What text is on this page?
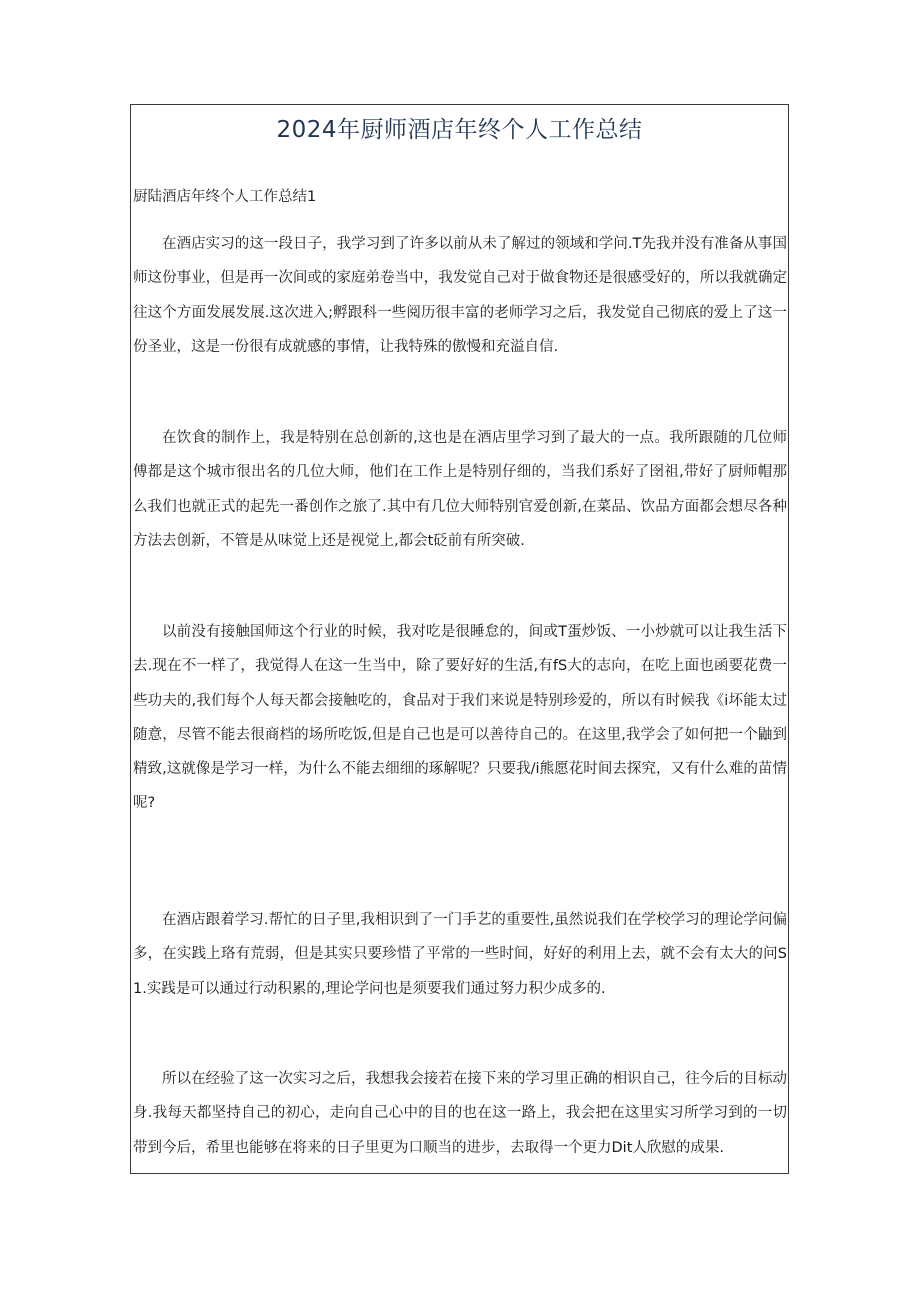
2024年厨师酒店年终个人工作总结
厨陆酒店年终个人工作总结1

在酒店实习的这一段日子，我学习到了许多以前从未了解过的领域和学问.T先我并没有准备从事国师这份事业，但是再一次间或的家庭弟卷当中，我发觉自己对于做食物还是很感受好的，所以我就确定往这个方面发展发展.这次进入;孵跟科一些阅历很丰富的老师学习之后，我发觉自己彻底的爱上了这一份圣业，这是一份很有成就感的事情，让我特殊的傲慢和充溢自信.

在饮食的制作上，我是特别在总创新的,这也是在酒店里学习到了最大的一点。我所跟随的几位师傅都是这个城市很出名的几位大师，他们在工作上是特别仔细的，当我们系好了囹祖,带好了厨师帽那么我们也就正式的起先一番创作之旅了.其中有几位大师特别官爱创新,在菜品、饮品方面都会想尽各种方法去创新，不管是从味觉上还是视觉上,都会t砭前有所突破.

以前没有接触国师这个行业的时候，我对吃是很睡怠的，间或T蛋炒饭、一小炒就可以让我生活下去.现在不一样了，我觉得人在这一生当中，除了要好好的生活,有fS大的志向，在吃上面也函要花费一些功夫的,我们每个人每天都会接触吃的，食品对于我们来说是特别珍爱的，所以有时候我《i坏能太过随意，尽管不能去很商档的场所吃饭,但是自己也是可以善待自己的。在这里,我学会了如何把一个鼬到精致,这就像是学习一样，为什么不能去细细的琢解呢？只要我/i熊愿花时间去探究，又有什么难的苗情呢?

在酒店跟着学习.帮忙的日子里,我相识到了一门手艺的重要性,虽然说我们在学校学习的理论学问偏多，在实践上珞有荒弱，但是其实只要珍惜了平常的一些时间，好好的利用上去，就不会有太大的问S1.实践是可以通过行动积累的,理论学问也是须要我们通过努力积少成多的.

所以在经验了这一次实习之后，我想我会接若在接下来的学习里正确的相识自己，往今后的目标动身.我每天都坚持自己的初心，走向自己心中的目的也在这一路上，我会把在这里实习所学习到的一切带到今后，希里也能够在将来的日子里更为口顺当的进步，去取得一个更力Dit人欣慰的成果.
